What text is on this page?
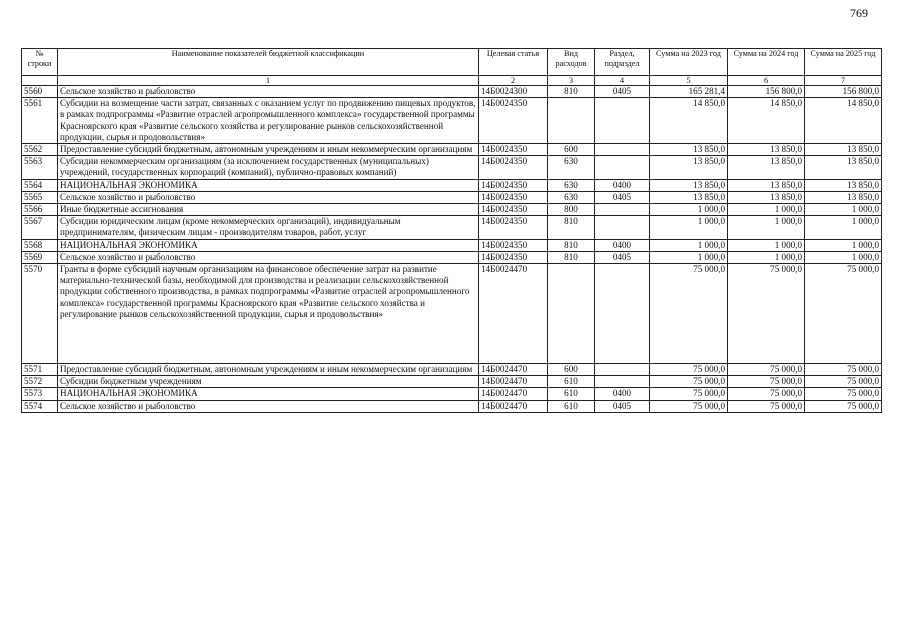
769
№ строки	Наименование показателей бюджетной классификации	Целевая статья	Вид расходов	Раздел, подраздел	Сумма на 2023 год	Сумма на 2024 год	Сумма на 2025 год
	1	2	3	4	5	6	7
5560	Сельское хозяйство и рыболовство	14Б0024300	810	0405	165 281,4	156 800,0	156 800,0
5561	Субсидии на возмещение части затрат, связанных с оказанием услуг по продвижению пищевых продуктов, в рамках подпрограммы «Развитие отраслей агропромышленного комплекса» государственной программы Красноярского края «Развитие сельского хозяйства и регулирование рынков сельскохозяйственной продукции, сырья и продовольствия»	14Б0024350			14 850,0	14 850,0	14 850,0
5562	Предоставление субсидий бюджетным, автономным учреждениям и иным некоммерческим организациям	14Б0024350	600		13 850,0	13 850,0	13 850,0
5563	Субсидии некоммерческим организациям (за исключением государственных (муниципальных) учреждений, государственных корпораций (компаний), публично-правовых компаний)	14Б0024350	630		13 850,0	13 850,0	13 850,0
5564	НАЦИОНАЛЬНАЯ ЭКОНОМИКА	14Б0024350	630	0400	13 850,0	13 850,0	13 850,0
5565	Сельское хозяйство и рыболовство	14Б0024350	630	0405	13 850,0	13 850,0	13 850,0
5566	Иные бюджетные ассигнования	14Б0024350	800		1 000,0	1 000,0	1 000,0
5567	Субсидии юридическим лицам (кроме некоммерческих организаций), индивидуальным предпринимателям, физическим лицам - производителям товаров, работ, услуг	14Б0024350	810		1 000,0	1 000,0	1 000,0
5568	НАЦИОНАЛЬНАЯ ЭКОНОМИКА	14Б0024350	810	0400	1 000,0	1 000,0	1 000,0
5569	Сельское хозяйство и рыболовство	14Б0024350	810	0405	1 000,0	1 000,0	1 000,0
5570	Гранты в форме субсидий научным организациям на финансовое обеспечение затрат на развитие материально-технической базы, необходимой для производства и реализации сельскохозяйственной продукции собственного производства, в рамках подпрограммы «Развитие отраслей агропромышленного комплекса» государственной программы Красноярского края «Развитие сельского хозяйства и регулирование рынков сельскохозяйственной продукции, сырья и продовольствия»	14Б0024470			75 000,0	75 000,0	75 000,0
5571	Предоставление субсидий бюджетным, автономным учреждениям и иным некоммерческим организациям	14Б0024470	600		75 000,0	75 000,0	75 000,0
5572	Субсидии бюджетным учреждениям	14Б0024470	610		75 000,0	75 000,0	75 000,0
5573	НАЦИОНАЛЬНАЯ ЭКОНОМИКА	14Б0024470	610	0400	75 000,0	75 000,0	75 000,0
5574	Сельское хозяйство и рыболовство	14Б0024470	610	0405	75 000,0	75 000,0	75 000,0
